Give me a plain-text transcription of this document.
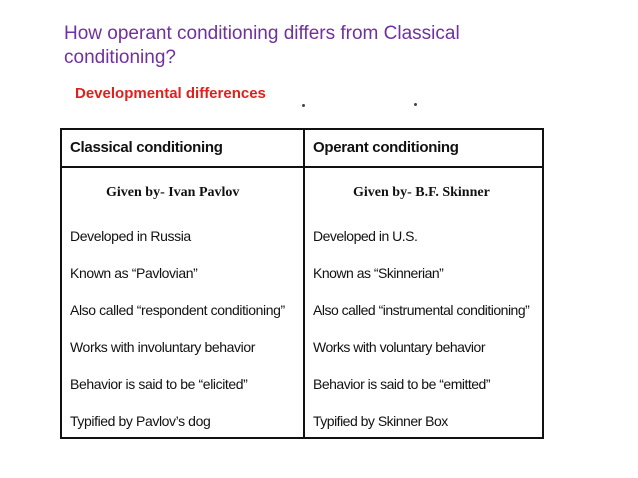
How operant conditioning differs from Classical conditioning?
Developmental differences
Classical conditioning
Given by- Ivan Pavlov
Developed in Russia
Known as “Pavlovian”
Also called “respondent conditioning”
Works with involuntary behavior
Behavior is said to be “elicited”
Typified by Pavlov’s dog
Operant conditioning
Given by- B.F. Skinner
Developed in U.S.
Known as “Skinnerian”
Also called “instrumental conditioning”
Works with voluntary behavior
Behavior is said to be “emitted”
Typified by Skinner Box
